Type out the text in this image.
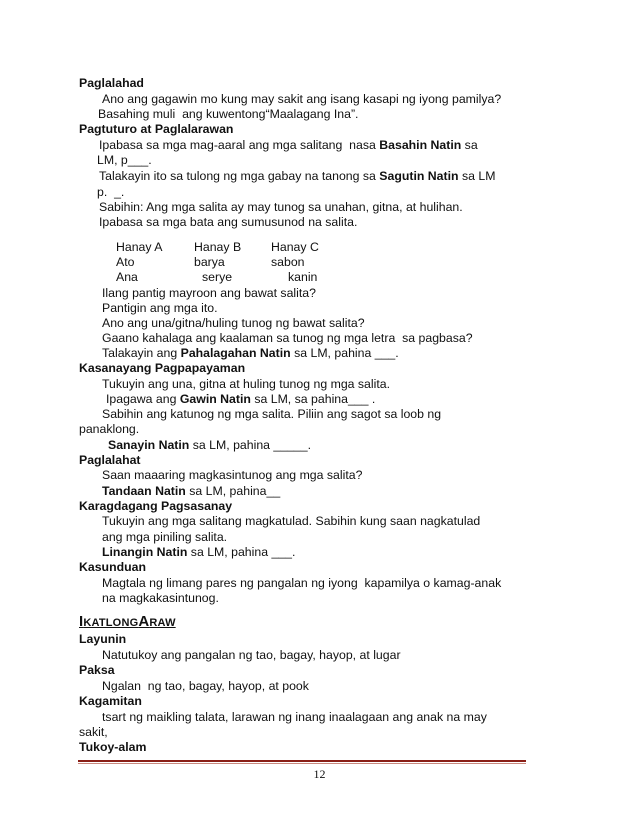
Paglalahad
Ano ang gagawin mo kung may sakit ang isang kasapi ng iyong pamilya?
Basahing muli  ang kuwentong“Maalagang Ina”.
Pagtuturo at Paglalarawan
Ipabasa sa mga mag-aaral ang mga salitang  nasa Basahin Natin sa
LM, p___.
Talakayin ito sa tulong ng mga gabay na tanong sa Sagutin Natin sa LM
p.  _.
Sabihin: Ang mga salita ay may tunog sa unahan, gitna, at hulihan.
Ipabasa sa mga bata ang sumusunod na salita.
Ilang pantig mayroon ang bawat salita?
Pantigin ang mga ito.
Ano ang una/gitna/huling tunog ng bawat salita?
Gaano kahalaga ang kaalaman sa tunog ng mga letra  sa pagbasa?
Talakayin ang Pahalagahan Natin sa LM, pahina ___.
Kasanayang Pagpapayaman
Tukuyin ang una, gitna at huling tunog ng mga salita.
Ipagawa ang Gawin Natin sa LM, sa pahina___ .
Sabihin ang katunog ng mga salita. Piliin ang sagot sa loob ng
panaklong.
Sanayin Natin sa LM, pahina _____.
Paglalahat
Saan maaaring magkasintunog ang mga salita?
Tandaan Natin sa LM, pahina__
Karagdagang Pagsasanay
Tukuyin ang mga salitang magkatulad. Sabihin kung saan nagkatulad
ang mga piniling salita.
Linangin Natin sa LM, pahina ___.
Kasunduan
Magtala ng limang pares ng pangalan ng iyong  kapamilya o kamag-anak
na magkakasintunog.
Layunin
Natutukoy ang pangalan ng tao, bagay, hayop, at lugar
Paksa
Ngalan  ng tao, bagay, hayop, at pook
Kagamitan
tsart ng maikling talata, larawan ng inang inaalagaan ang anak na may
sakit,
Tukoy-alam
Hanay A	Hanay B Hanay C
Ato	barya	sabon
Ana	serye	kanin
IKATLONGARAW
12
